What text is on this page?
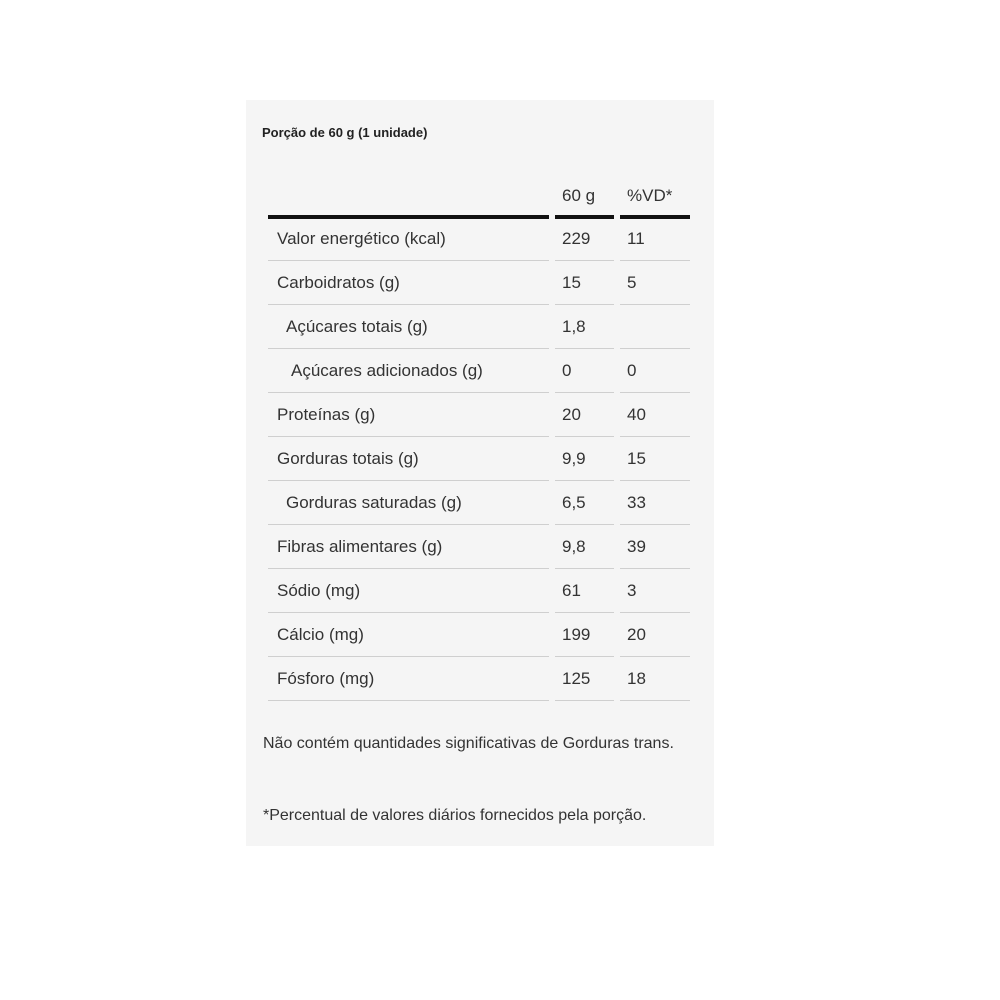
Porção de 60 g (1 unidade)
60 g %VD*
Valor energético (kcal)	229 11
Carboidratos (g)	15	5
Açúcares totais (g)	1,8
Açúcares adicionados (g)	0	0
Proteínas (g)	20	40
Gorduras totais (g)	9,9 15
Gorduras saturadas (g)	6,5 33
Fibras alimentares (g)	9,8 39
Sódio (mg)	61	3
Cálcio (mg)	199 20
Fósforo (mg)	125 18
Não contém quantidades significativas de Gorduras trans.
*Percentual de valores diários fornecidos pela porção.
